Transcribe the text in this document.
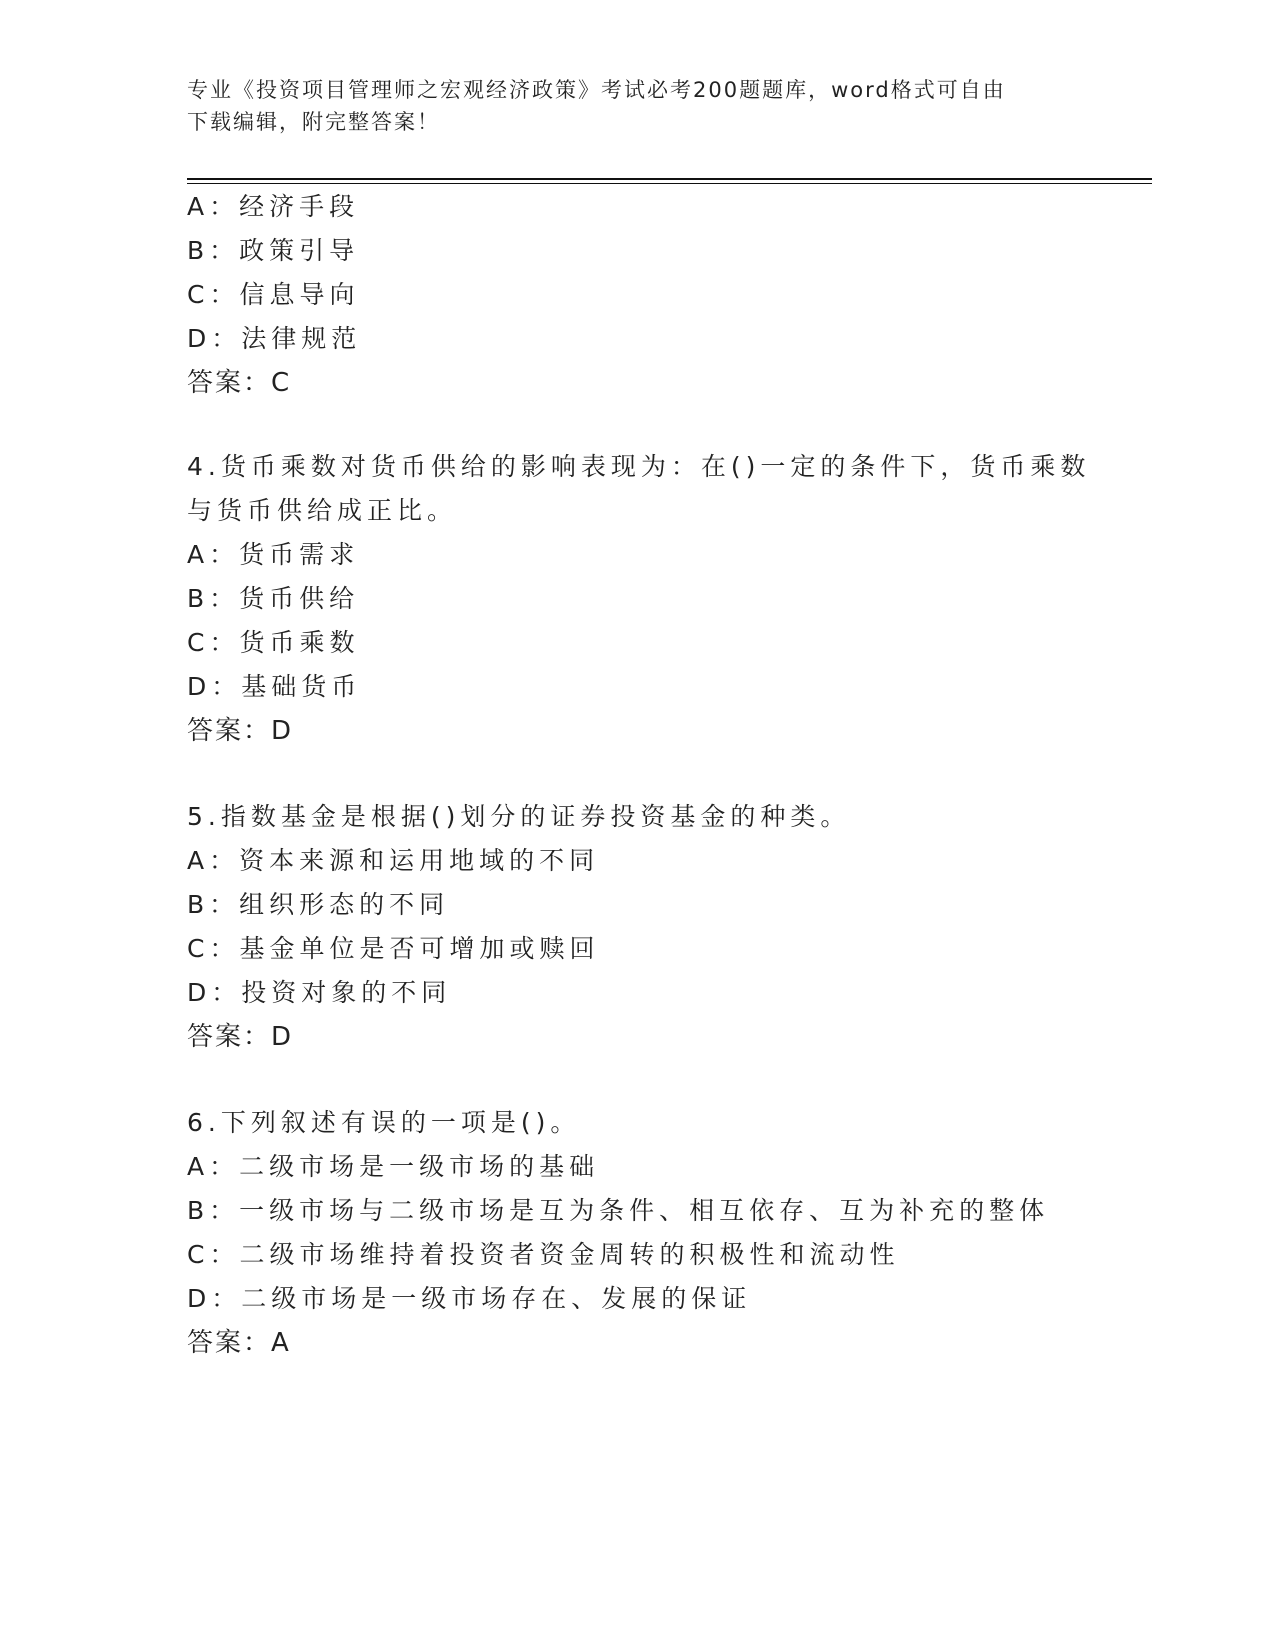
专业《投资项目管理师之宏观经济政策》考试必考200题题库，word格式可自由
下载编辑，附完整答案！
A：经济手段
B：政策引导
C：信息导向
D：法律规范
答案：C
4.货币乘数对货币供给的影响表现为：在()一定的条件下，货币乘数
与货币供给成正比。
A：货币需求
B：货币供给
C：货币乘数
D：基础货币
答案：D
5.指数基金是根据()划分的证券投资基金的种类。
A：资本来源和运用地域的不同
B：组织形态的不同
C：基金单位是否可增加或赎回
D：投资对象的不同
答案：D
6.下列叙述有误的一项是()。
A：二级市场是一级市场的基础
B：一级市场与二级市场是互为条件、相互依存、互为补充的整体
C：二级市场维持着投资者资金周转的积极性和流动性
D：二级市场是一级市场存在、发展的保证
答案：A
